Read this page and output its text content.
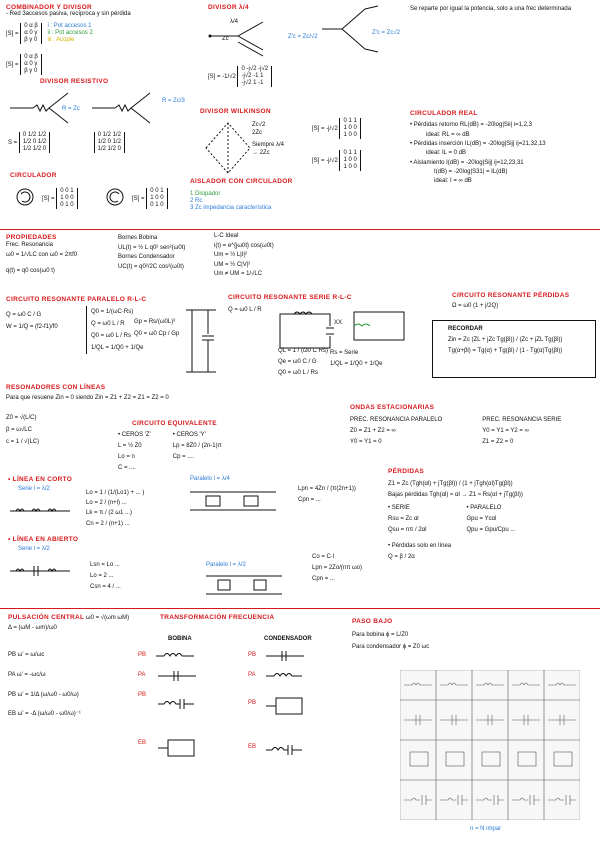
COMBINADOR Y DIVISOR
- Red 3accesos pasiva, recíproca y sin pérdida
[S] =
0 α β
α 0 γ
β γ 0

i : Pot accesos 1
ii : Pot accesos 2
iii : Acople
[S] =
0 α β
α 0 γ
β γ 0
DIVISOR λ/4
λ/4
Zc	Z'c = Zc/√2
[S] = -1/√2
0 -j√2 -j√2
-j√2 -1 1
-j√2 1 -1
Z'c = Zc√2
Se reparte por igual la potencia, solo a una frec determinada
DIVISOR RESISTIVO
R = Zc
R = Zc/3
S =
0 1/2 1/2
1/2 0 1/2
1/2 1/2 0

0 1/2 1/2
1/2 0 1/2
1/2 1/2 0
DIVISOR WILKINSON
Zc√2
2Zc
Siempre λ/4
→ 2Zc
[S] = -j/√2
0 1 1
1 0 0
1 0 0
[S] = -j/√2
0 1 1
1 0 0
1 0 0
CIRCULADOR
[S] =
0 0 1
1 0 0
0 1 0
[S] =
0 0 1
1 0 0
0 1 0
AISLADOR CON CIRCULADOR
1 Disipador
2 Rc
3 Zc impedancia característica
CIRCULADOR REAL
• Pérdidas retorno RL(dB) = -20log|Sii| i=1,2,3
ideal: RL = ∞ dB
• Pérdidas inserción IL(dB) = -20log|Sij| ij=21,32,13
ideal: IL = 0 dB
• Aislamiento I(dB) = -20log|Sij| ij=12,23,31
I(dB) = -20log|S31| = IL(dB)
ideal: I = ∞ dB
PROPIEDADES
Frec. Resonancia
ω0 = 1/√LC con ω0 = 2πf0
q(t) = q0 cos(ω0 t)
Bornes Bobina
UL(t) = ½ L q0² sen²(ω0t)
Bornes Condensador
UC(t) = q0²/2C cos²(ω0t)
L-C Ideal
i(t) = e^{jω0t} cos(ω0t)
Um = ½ L|I|²
UM = ½ C|V|²
Um ≠ UM = 1/√LC
CIRCUITO RESONANTE PARALELO R-L-C
Q = ω0 C / G
W = 1/Q = (f2-f1)/f0
Q0 = 1/(ωC·Rs)
Q = ω0 L / R
Q0 = ω0 L / Rs
1/QL = 1/Q0 + 1/Qe
Gp = Rs/(ω0L)²
Q0 = ω0 Cp / Gp
CIRCUITO RESONANTE SERIE R-L-C
Q = ω0 L / R
XX
QL = 1 / (ω0 C Rs)
Qe = ω0 C / G
Q0 = ω0 L / Rs
Rs = Serie
1/QL = 1/Q0 + 1/Qe
CIRCUITO RESONANTE PÉRDIDAS
Ω = ω0 (1 + j/2Q)
RECORDAR
Zin = Zc (ZL + jZc Tg(βl)) / (Zc + jZL Tg(βl))
Tg(α+βl) = Tg(α) + Tg(βl) / (1 - Tg(α)Tg(βl))
RESONADORES CON LÍNEAS
Para que resuene Zin = 0 siendo Zin = Z1 + Z2 = Z1 = Z2 = 0
Z0 = √(L/C)
β = ω√LC
c = 1 / √(LC)
CIRCUITO EQUIVALENTE
• CEROS 'Z'
L = ½ Z0
Lo = n
C = ....
• CEROS 'Y'
Lp = 8Z0 / (2n-1)π
Cp = ....
ONDAS ESTACIONARIAS
PREC. RESONANCIA PARALELO
Z0 = Z1 + Z2 = ∞
Y0 = Y1 = 0
PREC. RESONANCIA SERIE
Y0 = Y1 = Y2 = ∞
Z1 = Z2 = 0
• LÍNEA EN CORTO
Serie l = λ/2
Lo = 1 / (1/(Lo1) + ... )
Lo = 2 / (n+l) ...
Lk = π / (2 ω1 ...)
Cn = 2 / (n+1) ...
Paralelo l = λ/4
Lpn = 4Zn / (π(2n+1))
Cpn = ...
• LÍNEA EN ABIERTO
Serie l = λ/2
Lsn = Lo ...
Lo = 2 ...
Csn = 4 / ...
Paralelo l = λ/2
Co = C·l
Lpn = 2Zo/(nπ ωo)
Cpn = ...
PÉRDIDAS
Z1 = Zc (Tgh(αl) + jTg(βl)) / (1 + jTgh(αl)Tg(βl))
Bajas pérdidas Tgh(αl) ≈ αl → Z1 ≈ Rs(αl + jTg(βl))
• SERIE
Rsu = Zc αl
Qsu = nπ / 2αl
• PARALELO
Gpu = Ycαl
Qpu = Gpu/Cpu ...
• Pérdidas solo en línea
Q = β / 2α
PULSACIÓN CENTRAL ω0 = √(ωm ωM)
Δ = (ωM - ωm)/ω0
PB ω' = ω/ωc
PA ω' = -ωc/ω
PB ω' = 1/Δ (ω/ω0 - ω0/ω)
EB ω' = -Δ (ω/ω0 - ω0/ω)⁻¹
TRANSFORMACIÓN FRECUENCIA
BOBINA	CONDENSADOR
PB
PA
PB
EB
PB
PA
PB
EB
PASO BAJO
Para bobina ϕ = L/Z0
Para condensador ϕ = Z0 ωc
n = N impar
